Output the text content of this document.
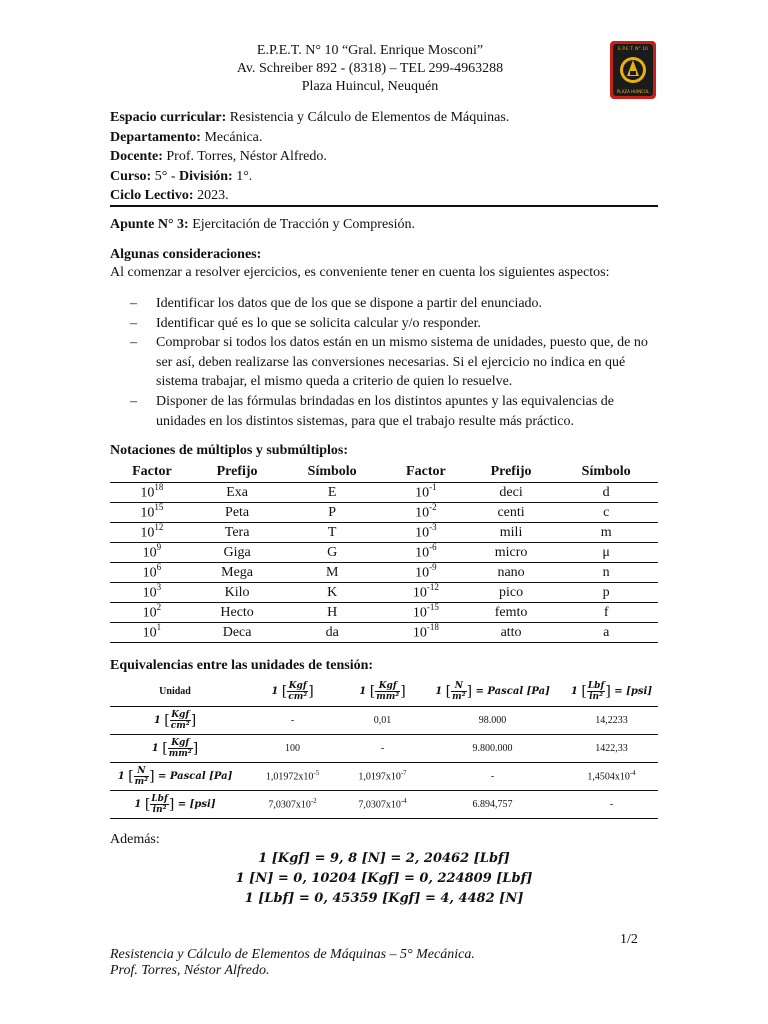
E.P.E.T. N° 10 “Gral. Enrique Mosconi”
Av. Schreiber 892 - (8318) – TEL 299-4963288
Plaza Huincul, Neuquén
E.P.E.T. N° 10
PLAZA HUINCUL
Espacio curricular: Resistencia y Cálculo de Elementos de Máquinas.
Departamento: Mecánica.
Docente: Prof. Torres, Néstor Alfredo.
Curso: 5° - División: 1°.
Ciclo Lectivo: 2023.
Apunte N° 3: Ejercitación de Tracción y Compresión.
Algunas consideraciones:
Al comenzar a resolver ejercicios, es conveniente tener en cuenta los siguientes aspectos:
– Identificar los datos que de los que se dispone a partir del enunciado.
– Identificar qué es lo que se solicita calcular y/o responder.
– Comprobar si todos los datos están en un mismo sistema de unidades, puesto que, de no ser así, deben realizarse las conversiones necesarias. Si el ejercicio no indica en qué sistema trabajar, el mismo queda a criterio de quien lo resuelve.
– Disponer de las fórmulas brindadas en los distintos apuntes y las equivalencias de unidades en los distintos sistemas, para que el trabajo resulte más práctico.
Notaciones de múltiplos y submúltiplos:
Factor	Prefijo	Símbolo	Factor	Prefijo	Símbolo
$10^{18}$	Exa	E	$10^{-1}$	deci	d
$10^{15}$	Peta	P	$10^{-2}$	centi	c
$10^{12}$	Tera	T	$10^{-3}$	mili	m
$10^9$	Giga	G	$10^{-6}$	micro	μ
$10^6$	Mega	M	$10^{-9}$	nano	n
$10^3$	Kilo	K	$10^{-12}$	pico	p
$10^2$	Hecto	H	$10^{-15}$	femto	f
$10^1$	Deca	da	$10^{-18}$	atto	a
Equivalencias entre las unidades de tensión:
Unidad	1 [ $\frac{\text{Kgf}}{\text{cm²}}$ ]	1 [ $\frac{\text{Kgf}}{\text{mm²}}$ ]	1 [ $\frac{N}{\text{m²}}$ ] = Pascal [Pa]	1 [ $\frac{\text{Lbf}}{\text{in²}}$ ] = [psi]
1 [ $\frac{\text{Kgf}}{\text{cm²}}$ ]	-	0,01	98.000	14,2233
1 [ $\frac{\text{Kgf}}{\text{mm²}}$ ]	100	-	9.800.000	1422,33
1 [ $\frac{N}{\text{m²}}$ ] = Pascal [Pa]	$1,01972x10^{-5}$	$1,0197x10^{-7}$	-	$1,4504x10^{-4}$
1 [ $\frac{\text{Lbf}}{\text{in²}}$ ] = [psi]	$7,0307x10^{-2}$	$7,0307x10^{-4}$	6.894,757	-
Además:
1 [Kgf] = 9, 8 [N] = 2, 20462 [Lbf]
1 [N] = 0, 10204 [Kgf] = 0, 224809 [Lbf]
1 [Lbf] = 0, 45359 [Kgf] = 4, 4482 [N]
1/2
Resistencia y Cálculo de Elementos de Máquinas – 5° Mecánica.
Prof. Torres, Néstor Alfredo.
